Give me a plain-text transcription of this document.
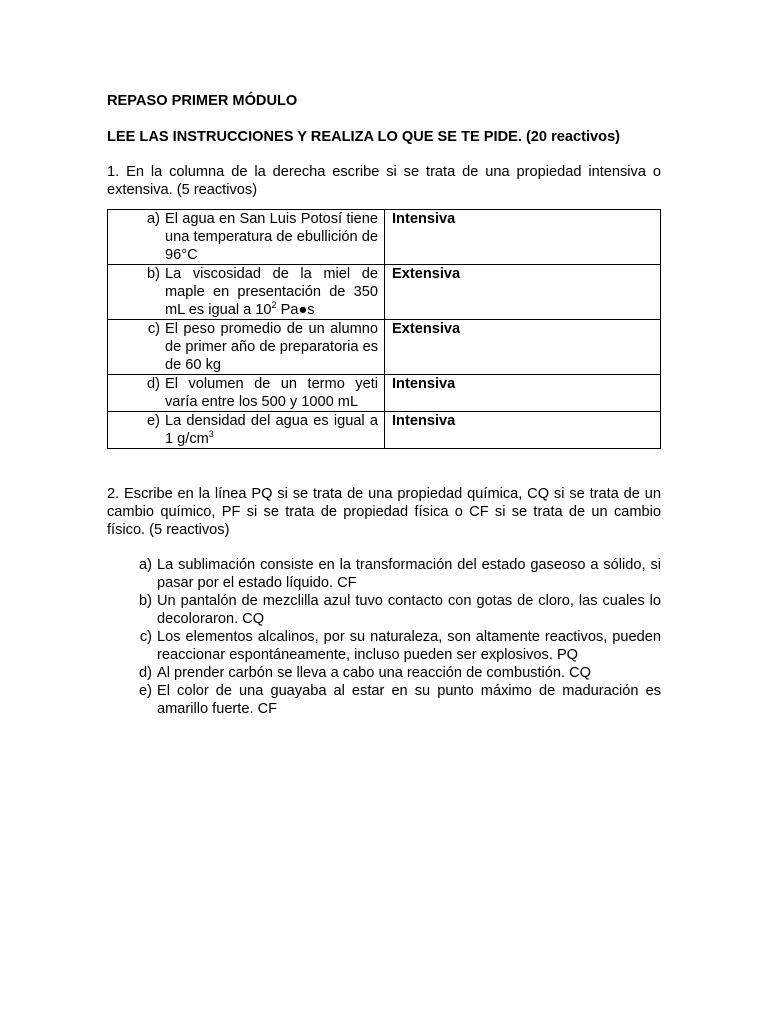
REPASO PRIMER MÓDULO
LEE LAS INSTRUCCIONES Y REALIZA LO QUE SE TE PIDE. (20 reactivos)
1. En la columna de la derecha escribe si se trata de una propiedad intensiva o extensiva. (5 reactivos)
a) El agua en San Luis Potosí tiene una temperatura de ebullición de 96°C	Intensiva

b) La viscosidad de la miel de maple en presentación de 350 mL es igual a $10^2$ Pa●s	Extensiva

c) El peso promedio de un alumno de primer año de preparatoria es de 60 kg	Extensiva

d) El volumen de un termo yeti varía entre los 500 y 1000 mL	Intensiva

e) La densidad del agua es igual a 1 $g/cm^3$	Intensiva
2. Escribe en la línea PQ si se trata de una propiedad química, CQ si se trata de un cambio químico, PF si se trata de propiedad física o CF si se trata de un cambio físico. (5 reactivos)
a) La sublimación consiste en la transformación del estado gaseoso a sólido, si pasar por el estado líquido. CF
b) Un pantalón de mezclilla azul tuvo contacto con gotas de cloro, las cuales lo decoloraron. CQ
c) Los elementos alcalinos, por su naturaleza, son altamente reactivos, pueden reaccionar espontáneamente, incluso pueden ser explosivos. PQ
d) Al prender carbón se lleva a cabo una reacción de combustión. CQ
e) El color de una guayaba al estar en su punto máximo de maduración es amarillo fuerte. CF
